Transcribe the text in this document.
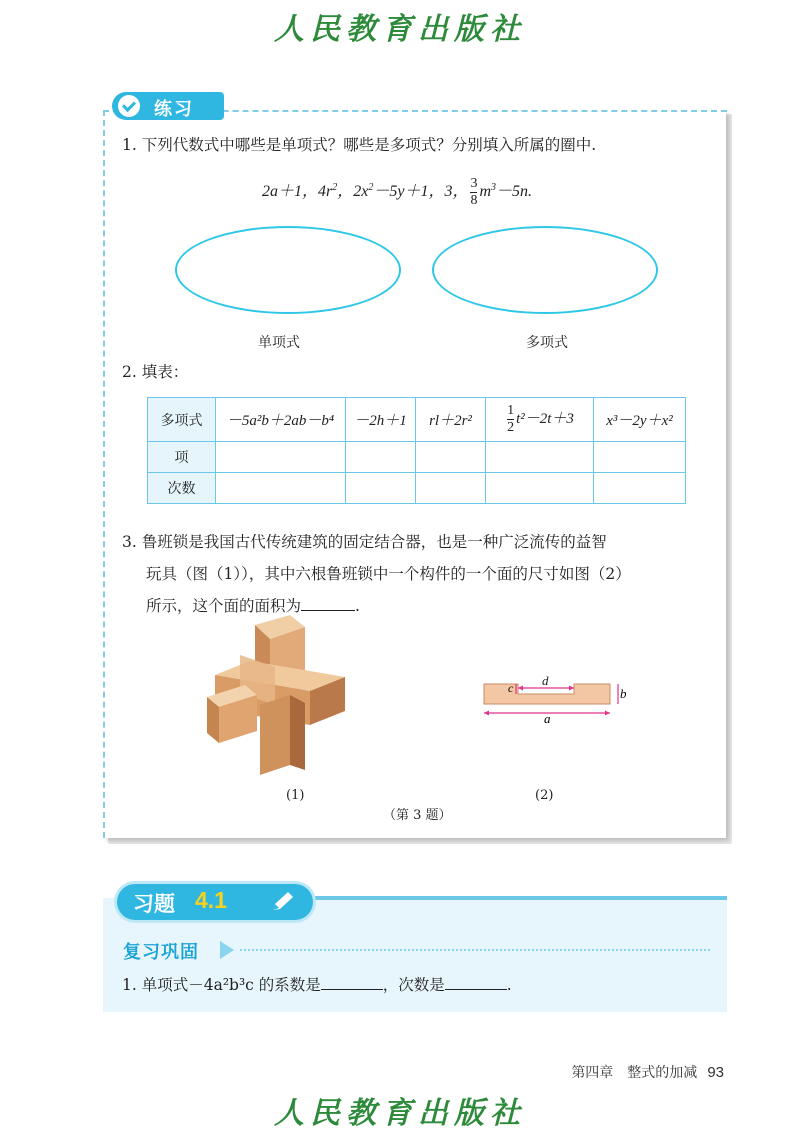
人民教育出版社
练习
1. 下列代数式中哪些是单项式？哪些是多项式？分别填入所属的圈中.
2a＋1，$4r^2$，$2x^2-5y+1$，3， $\frac{3}{8} m^3-5n$.
单项式	多项式
2. 填表：
多项式	－5a²b＋2ab－b⁴	－2h＋1	rl＋2r²	$\frac{1}{2} t^2-2t+3$	x³－2y＋x²
项					
次数					
3. 鲁班锁是我国古代传统建筑的固定结合器，也是一种广泛流传的益智
玩具（图（1）），其中六根鲁班锁中一个构件的一个面的尺寸如图（2）
所示，这个面的面积为	.
c d
b
a
(1)	(2)
（第 3 题）
习题 4.1
复习巩固
1. 单项式－4a²b³c 的系数是	，次数是	.
第四章　整式的加减 93
人民教育出版社
